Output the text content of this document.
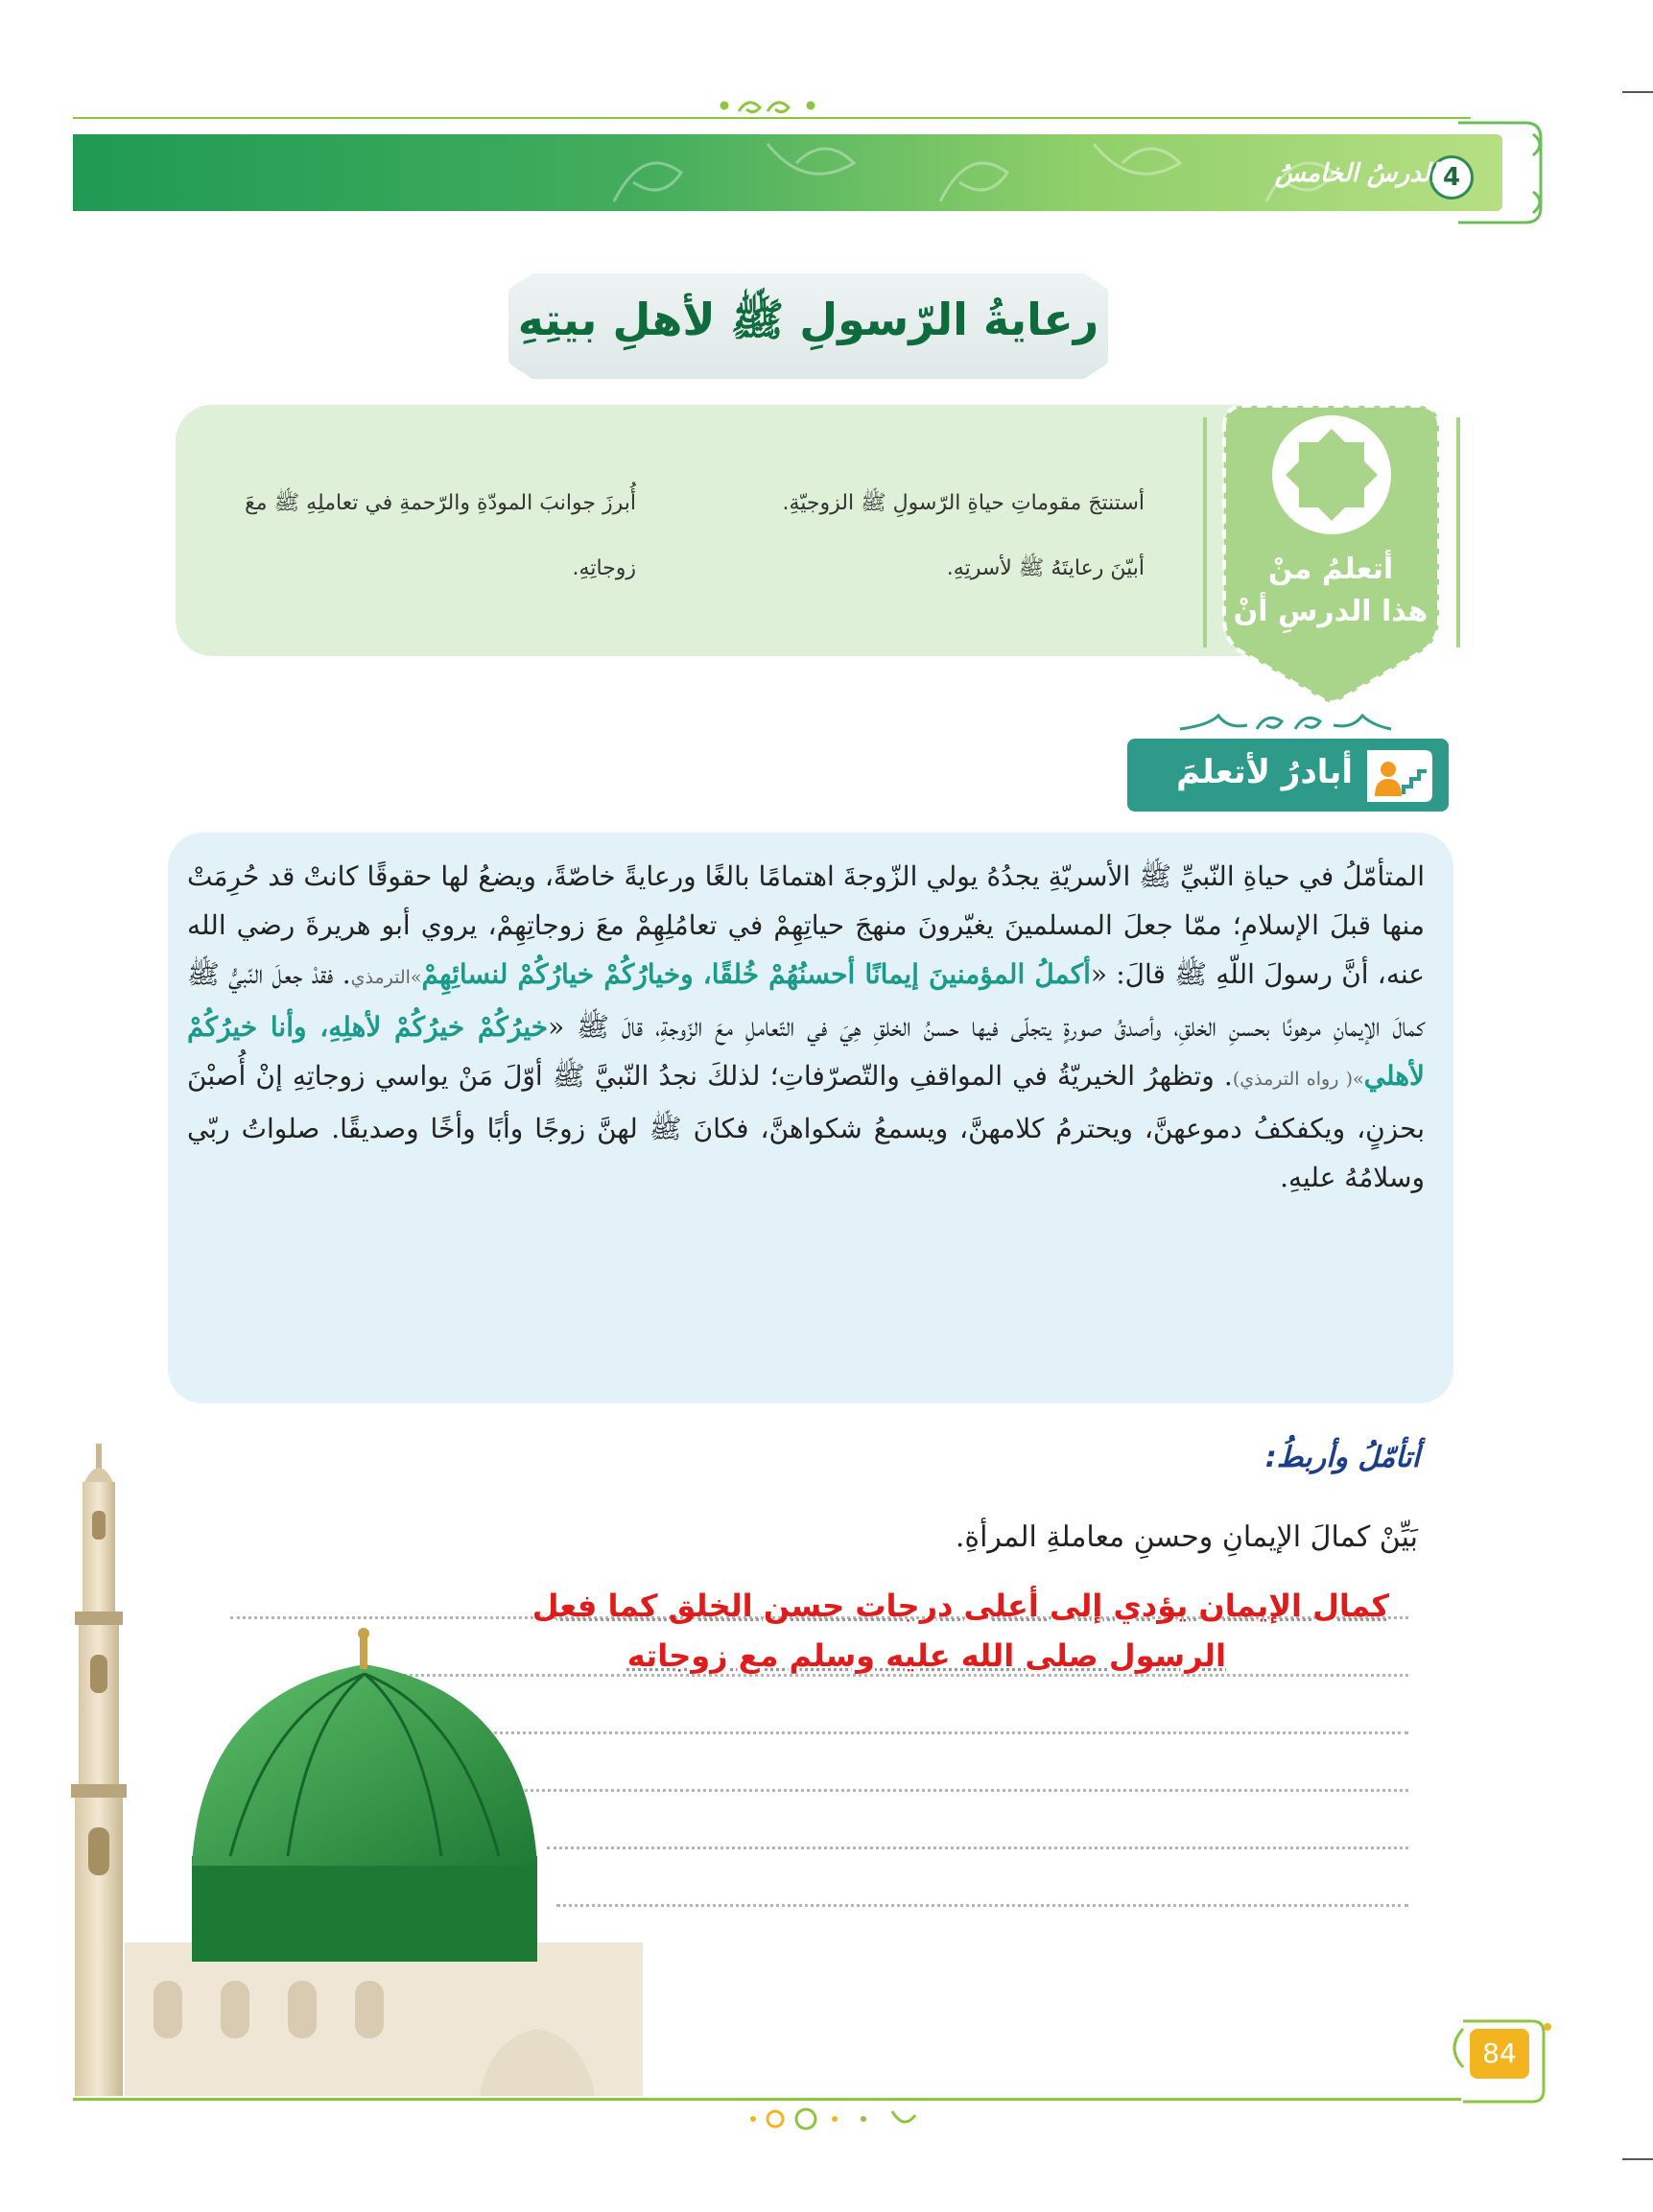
4
الدرسُ الخامسُ
رعايةُ الرّسولِ ﷺ لأهلِ بيتِهِ
أتعلمُ منْ
هذا الدرسِ أنْ
أستنتجَ مقوماتِ حياةِ الرّسولِ ﷺ الزوجيّةِ.
أبيّنَ رعايتَهُ ﷺ لأسرتِهِ.
أُبرزَ جوانبَ المودّةِ والرّحمةِ في تعاملِهِ ﷺ معَ
زوجاتِهِ.
أبادرُ لأتعلمَ
المتأمّلُ في حياةِ النّبيِّ ﷺ الأسريّةِ يجدُهُ يولي الزّوجةَ اهتمامًا بالغًا ورعايةً خاصّةً، ويضعُ لها حقوقًا كانتْ قد حُرِمَتْ منها قبلَ الإسلامِ؛ ممّا جعلَ المسلمينَ يغيّرونَ منهجَ حياتِهِمْ في تعامُلِهِمْ معَ زوجاتِهِمْ، يروي أبو هريرةَ رضي الله عنه، أنَّ رسولَ اللّهِ ﷺ قالَ: «أكملُ المؤمنينَ إيمانًا أحسنُهُمْ خُلقًا، وخيارُكُمْ خيارُكُمْ لنسائِهِمْ»الترمذي. فقدْ جعلَ النّبيُّ ﷺ كمالَ الإيمانِ مرهونًا بحسنِ الخلقِ، وأصدقُ صورةٍ يتجلّى فيها حسنُ الخلقِ هِيَ في التّعاملِ معَ الزّوجةِ، قالَ ﷺ «خيرُكُمْ خيرُكُمْ لأهلِهِ، وأنا خيرُكُمْ لأهلي»( رواه الترمذي). وتظهرُ الخيريّةُ في المواقفِ والتّصرّفاتِ؛ لذلكَ نجدُ النّبيَّ ﷺ أوّلَ مَنْ يواسي زوجاتِهِ إنْ أُصبْنَ بحزنٍ، ويكفكفُ دموعهنَّ، ويحترمُ كلامهنَّ، ويسمعُ شكواهنَّ، فكانَ ﷺ لهنَّ زوجًا وأبًا وأخًا وصديقًا. صلواتُ ربّي وسلامُهُ عليهِ.
أتأمّلُ وأربطُ:
بَيِّنْ كمالَ الإيمانِ وحسنِ معاملةِ المرأةِ.
كمال الإيمان يؤدي إلى أعلى درجات حسن الخلق كما فعل
الرسول صلى الله عليه وسلم مع زوجاته
84
